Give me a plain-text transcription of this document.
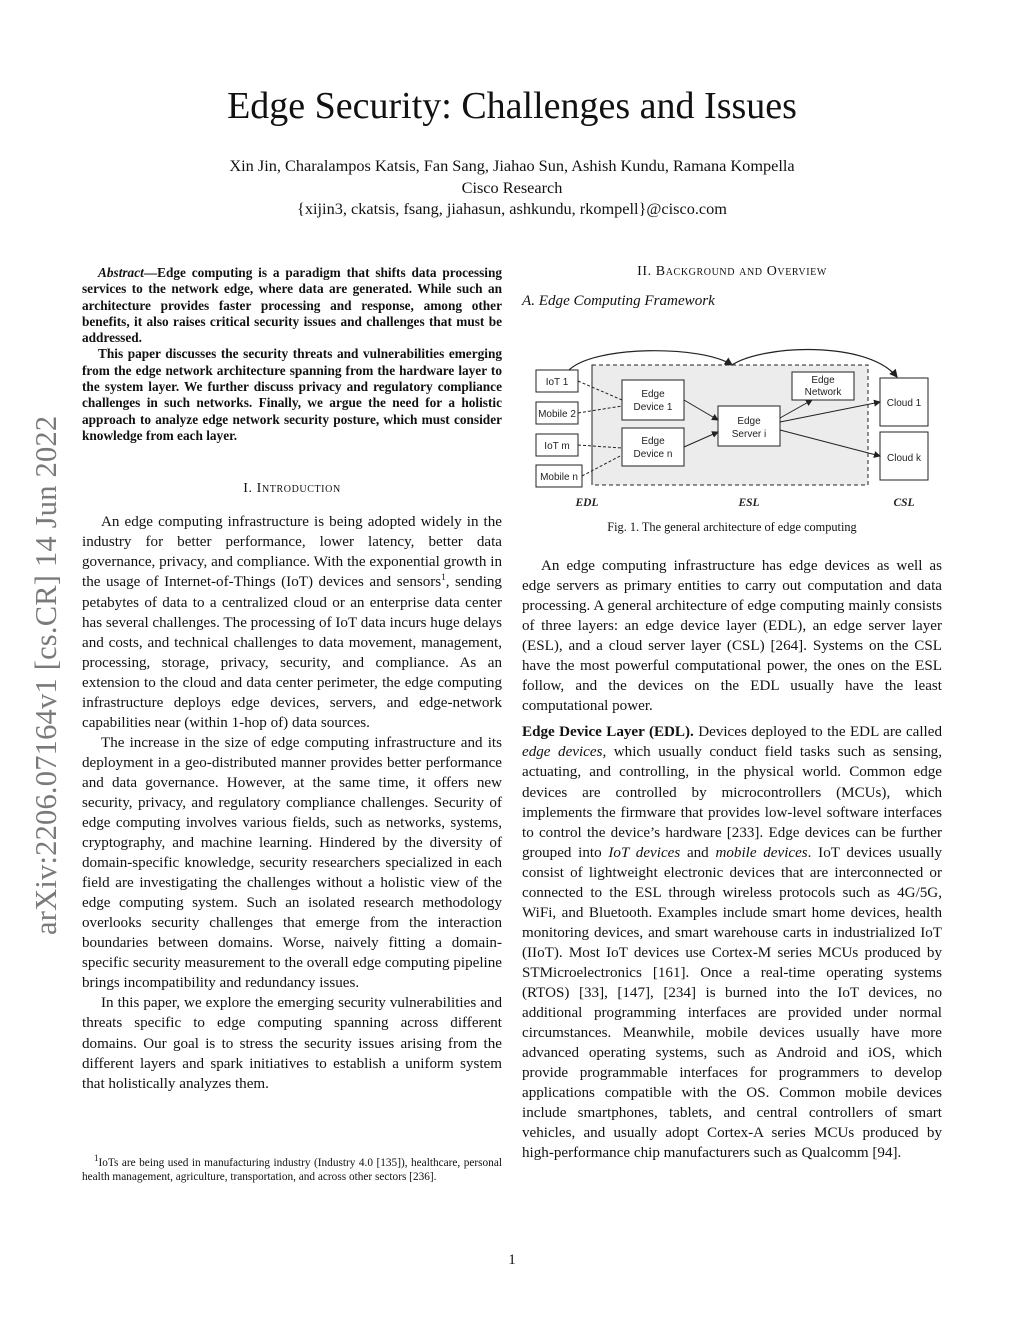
arXiv:2206.07164v1 [cs.CR] 14 Jun 2022
Edge Security: Challenges and Issues
Xin Jin, Charalampos Katsis, Fan Sang, Jiahao Sun, Ashish Kundu, Ramana Kompella
Cisco Research
{xijin3, ckatsis, fsang, jiahasun, ashkundu, rkompell}@cisco.com

Abstract—Edge computing is a paradigm that shifts data processing services to the network edge, where data are generated. While such an architecture provides faster processing and response, among other benefits, it also raises critical security issues and challenges that must be addressed.

This paper discusses the security threats and vulnerabilities emerging from the edge network architecture spanning from the hardware layer to the system layer. We further discuss privacy and regulatory compliance challenges in such networks. Finally, we argue the need for a holistic approach to analyze edge network security posture, which must consider knowledge from each layer.

I. Introduction

An edge computing infrastructure is being adopted widely in the industry for better performance, lower latency, better data governance, privacy, and compliance. With the exponential growth in the usage of Internet-of-Things (IoT) devices and sensors$^1$, sending petabytes of data to a centralized cloud or an enterprise data center has several challenges. The processing of IoT data incurs huge delays and costs, and technical challenges to data movement, management, processing, storage, privacy, security, and compliance. As an extension to the cloud and data center perimeter, the edge computing infrastructure deploys edge devices, servers, and edge-network capabilities near (within 1-hop of) data sources.

The increase in the size of edge computing infrastructure and its deployment in a geo-distributed manner provides better performance and data governance. However, at the same time, it offers new security, privacy, and regulatory compliance challenges. Security of edge computing involves various fields, such as networks, systems, cryptography, and machine learning. Hindered by the diversity of domain-specific knowledge, security researchers specialized in each field are investigating the challenges without a holistic view of the edge computing system. Such an isolated research methodology overlooks security challenges that emerge from the interaction boundaries between domains. Worse, naively fitting a domain-specific security measurement to the overall edge computing pipeline brings incompatibility and redundancy issues.

In this paper, we explore the emerging security vulnerabilities and threats specific to edge computing spanning across different domains. Our goal is to stress the security issues arising from the different layers and spark initiatives to establish a uniform system that holistically analyzes them.

$^1$IoTs are being used in manufacturing industry (Industry 4.0 [135]), healthcare, personal health management, agriculture, transportation, and across other sectors [236].

II. Background and Overview
A. Edge Computing Framework
IoT 1
Mobile 2
IoT m
Mobile n
Edge
Device 1
Edge
Device n
Edge
Server i
Edge
Network
Cloud 1
Cloud k
EDL	ESL	CSL
Fig. 1. The general architecture of edge computing

An edge computing infrastructure has edge devices as well as edge servers as primary entities to carry out computation and data processing. A general architecture of edge computing mainly consists of three layers: an edge device layer (EDL), an edge server layer (ESL), and a cloud server layer (CSL) [264]. Systems on the CSL have the most powerful computational power, the ones on the ESL follow, and the devices on the EDL usually have the least computational power.

Edge Device Layer (EDL). Devices deployed to the EDL are called edge devices, which usually conduct field tasks such as sensing, actuating, and controlling, in the physical world. Common edge devices are controlled by microcontrollers (MCUs), which implements the firmware that provides low-level software interfaces to control the device’s hardware [233]. Edge devices can be further grouped into IoT devices and mobile devices. IoT devices usually consist of lightweight electronic devices that are interconnected or connected to the ESL through wireless protocols such as 4G/5G, WiFi, and Bluetooth. Examples include smart home devices, health monitoring devices, and smart warehouse carts in industrialized IoT (IIoT). Most IoT devices use Cortex-M series MCUs produced by STMicroelectronics [161]. Once a real-time operating systems (RTOS) [33], [147], [234] is burned into the IoT devices, no additional programming interfaces are provided under normal circumstances. Meanwhile, mobile devices usually have more advanced operating systems, such as Android and iOS, which provide programmable interfaces for programmers to develop applications compatible with the OS. Common mobile devices include smartphones, tablets, and central controllers of smart vehicles, and usually adopt Cortex-A series MCUs produced by high-performance chip manufacturers such as Qualcomm [94].

1
